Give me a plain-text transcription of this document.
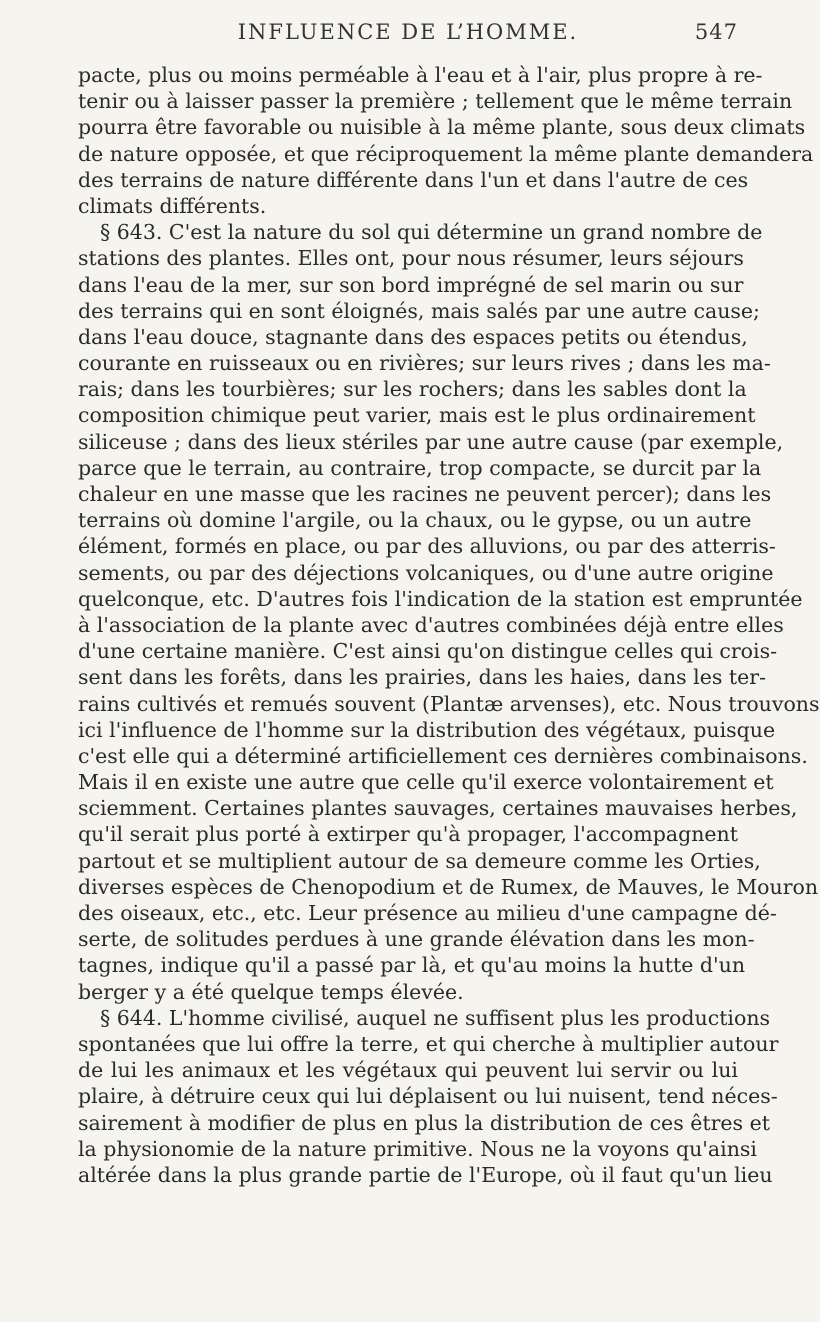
INFLUENCE DE L’HOMME.	547
pacte, plus ou moins perméable à l'eau et à l'air, plus propre à re-
tenir ou à laisser passer la première ; tellement que le même terrain
pourra être favorable ou nuisible à la même plante, sous deux climats
de nature opposée, et que réciproquement la même plante demandera
des terrains de nature différente dans l'un et dans l'autre de ces
climats différents.
§ 643. C'est la nature du sol qui détermine un grand nombre de
stations des plantes. Elles ont, pour nous résumer, leurs séjours
dans l'eau de la mer, sur son bord imprégné de sel marin ou sur
des terrains qui en sont éloignés, mais salés par une autre cause;
dans l'eau douce, stagnante dans des espaces petits ou étendus,
courante en ruisseaux ou en rivières; sur leurs rives ; dans les ma-
rais; dans les tourbières; sur les rochers; dans les sables dont la
composition chimique peut varier, mais est le plus ordinairement
siliceuse ; dans des lieux stériles par une autre cause (par exemple,
parce que le terrain, au contraire, trop compacte, se durcit par la
chaleur en une masse que les racines ne peuvent percer); dans les
terrains où domine l'argile, ou la chaux, ou le gypse, ou un autre
élément, formés en place, ou par des alluvions, ou par des atterris-
sements, ou par des déjections volcaniques, ou d'une autre origine
quelconque, etc. D'autres fois l'indication de la station est empruntée
à l'association de la plante avec d'autres combinées déjà entre elles
d'une certaine manière. C'est ainsi qu'on distingue celles qui crois-
sent dans les forêts, dans les prairies, dans les haies, dans les ter-
rains cultivés et remués souvent (Plantæ arvenses), etc. Nous trouvons
ici l'influence de l'homme sur la distribution des végétaux, puisque
c'est elle qui a déterminé artificiellement ces dernières combinaisons.
Mais il en existe une autre que celle qu'il exerce volontairement et
sciemment. Certaines plantes sauvages, certaines mauvaises herbes,
qu'il serait plus porté à extirper qu'à propager, l'accompagnent
partout et se multiplient autour de sa demeure comme les Orties,
diverses espèces de Chenopodium et de Rumex, de Mauves, le Mouron
des oiseaux, etc., etc. Leur présence au milieu d'une campagne dé-
serte, de solitudes perdues à une grande élévation dans les mon-
tagnes, indique qu'il a passé par là, et qu'au moins la hutte d'un
berger y a été quelque temps élevée.
§ 644. L'homme civilisé, auquel ne suffisent plus les productions
spontanées que lui offre la terre, et qui cherche à multiplier autour
de lui les animaux et les végétaux qui peuvent lui servir ou lui
plaire, à détruire ceux qui lui déplaisent ou lui nuisent, tend néces-
sairement à modifier de plus en plus la distribution de ces êtres et
la physionomie de la nature primitive. Nous ne la voyons qu'ainsi
altérée dans la plus grande partie de l'Europe, où il faut qu'un lieu
